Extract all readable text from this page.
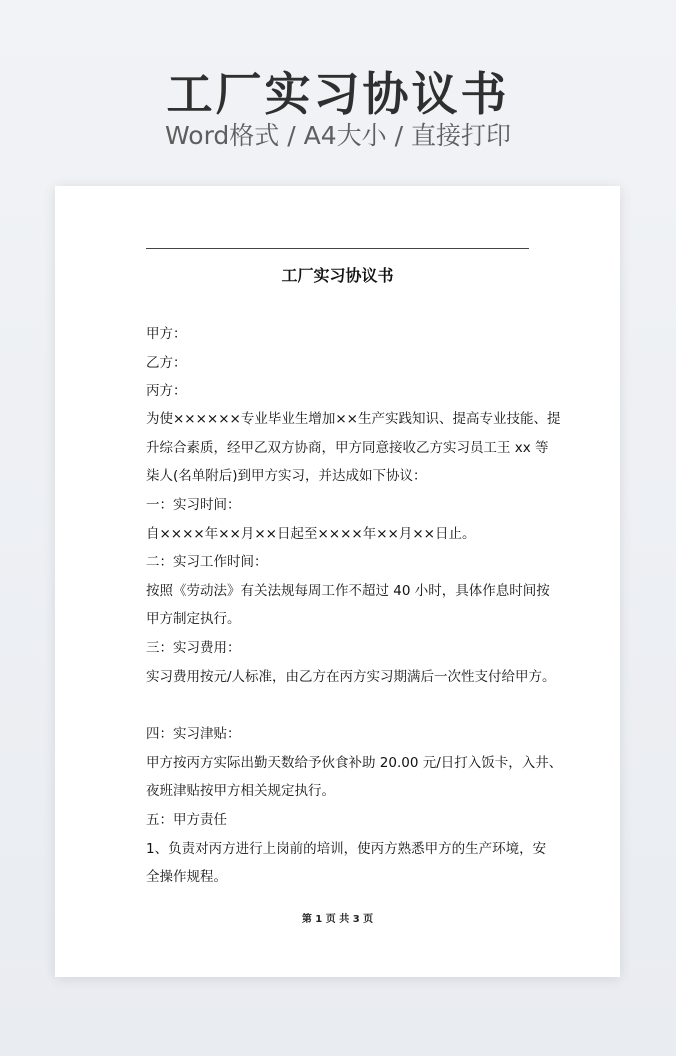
工厂实习协议书
Word格式 / A4大小 / 直接打印
工厂实习协议书
甲方：
乙方：
丙方：
为使××××××专业毕业生增加××生产实践知识、提高专业技能、提
升综合素质，经甲乙双方协商，甲方同意接收乙方实习员工王 xx 等
柒人(名单附后)到甲方实习，并达成如下协议：
一：实习时间：
自××××年××月××日起至××××年××月××日止。
二：实习工作时间：
按照《劳动法》有关法规每周工作不超过 40 小时，具体作息时间按
甲方制定执行。
三：实习费用：
实习费用按元/人标准，由乙方在丙方实习期满后一次性支付给甲方。
四：实习津贴：
甲方按丙方实际出勤天数给予伙食补助 20.00 元/日打入饭卡，入井、
夜班津贴按甲方相关规定执行。
五：甲方责任
1、负责对丙方进行上岗前的培训，使丙方熟悉甲方的生产环境，安
全操作规程。
第 1 页 共 3 页
